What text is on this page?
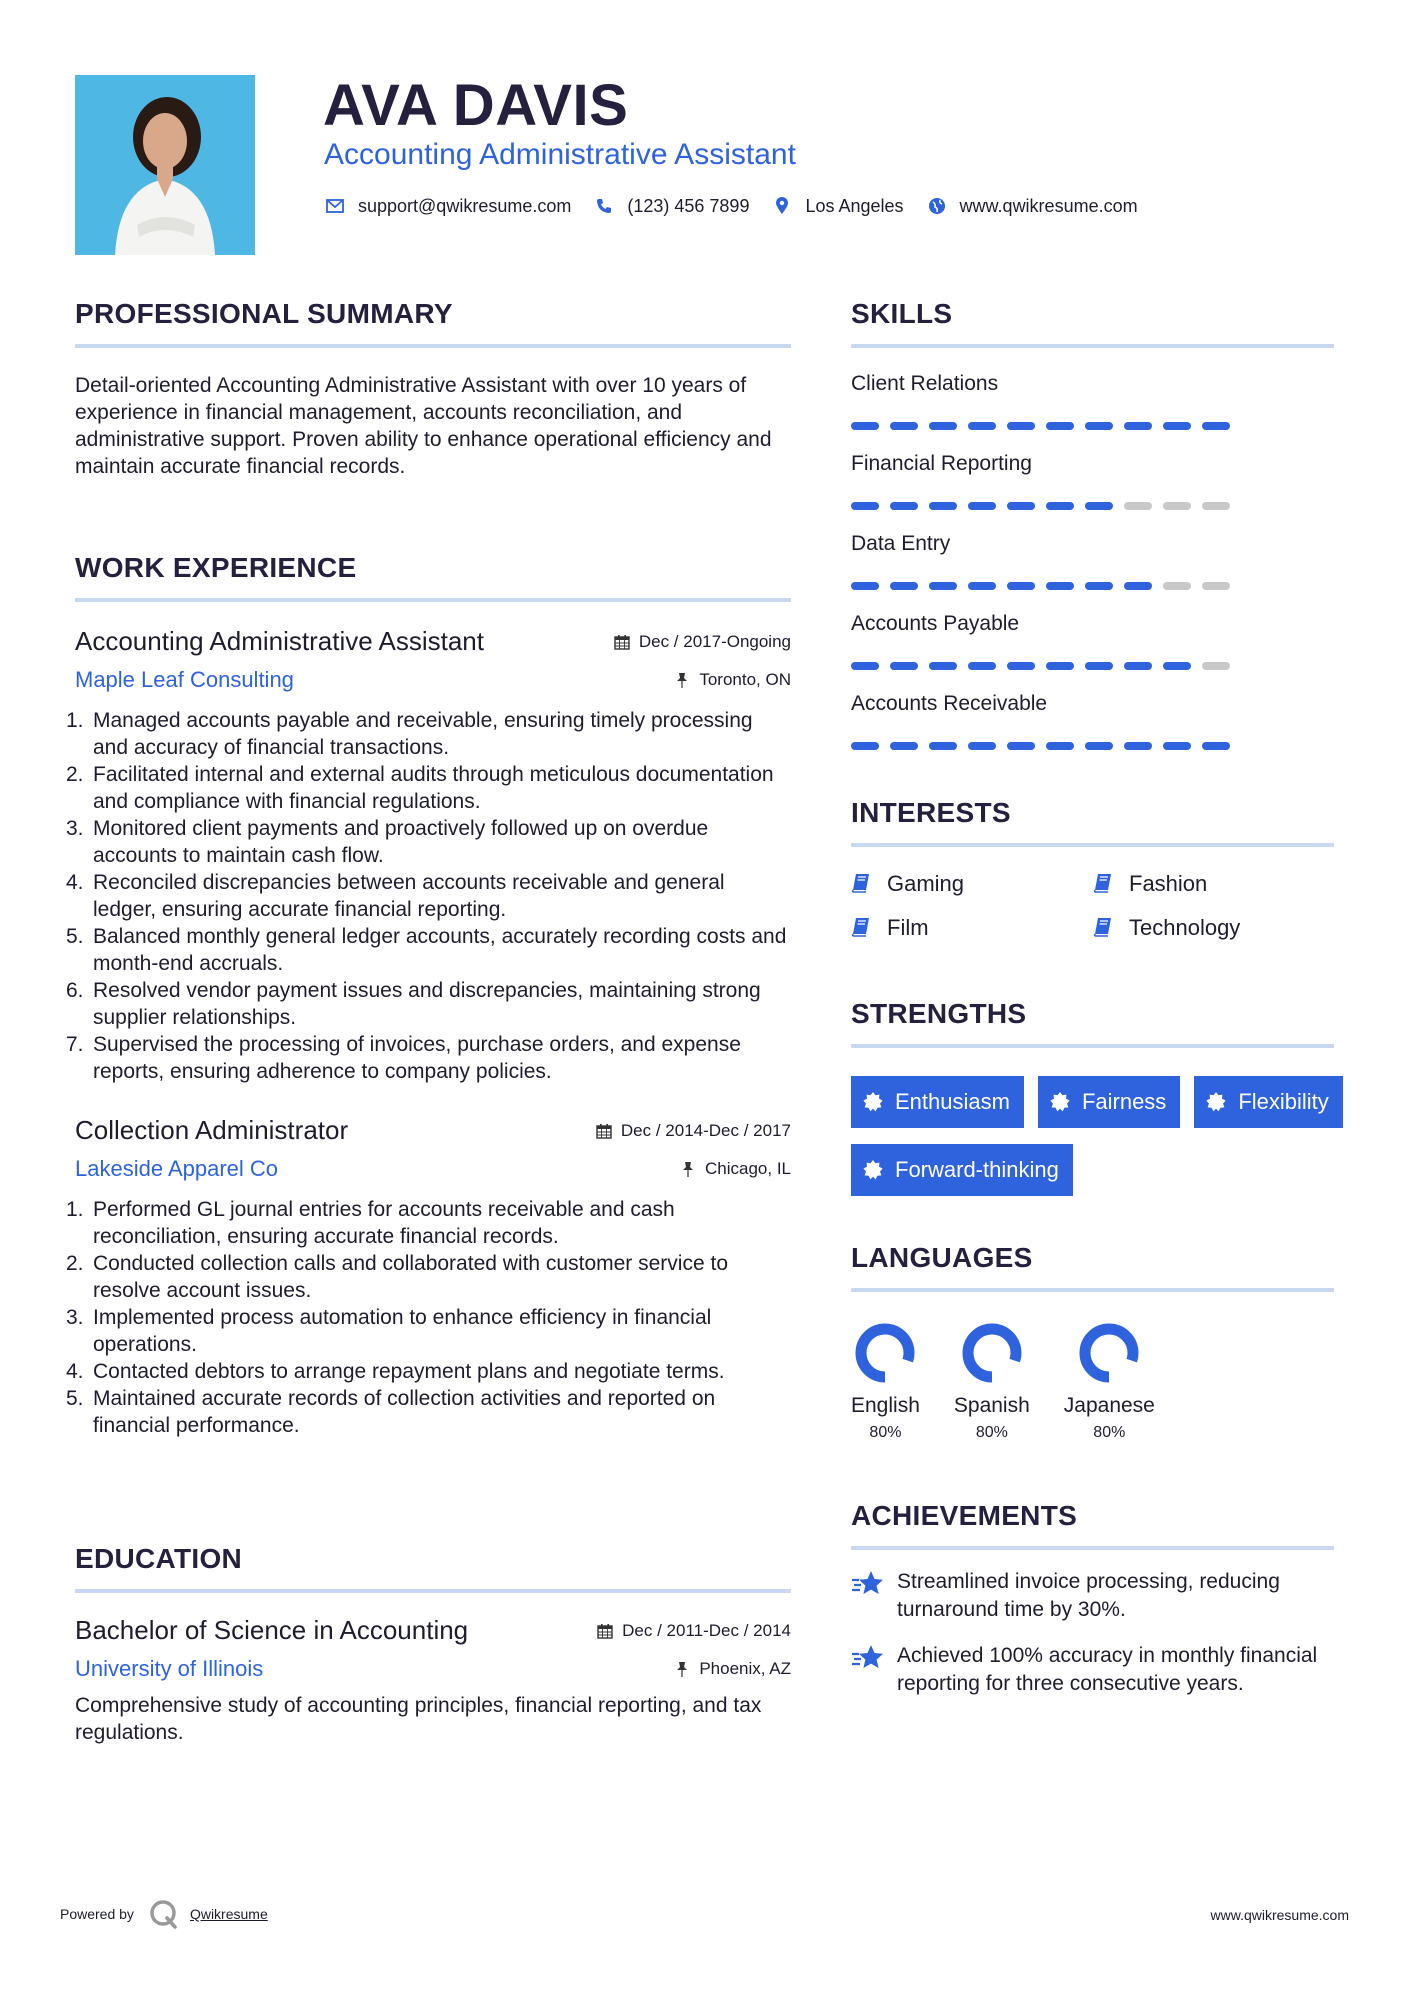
AVA DAVIS
Accounting Administrative Assistant
support@qwikresume.com	(123) 456 7899	Los Angeles	www.qwikresume.com
PROFESSIONAL SUMMARY
Detail-oriented Accounting Administrative Assistant with over 10 years of experience in financial management, accounts reconciliation, and administrative support. Proven ability to enhance operational efficiency and maintain accurate financial records.
WORK EXPERIENCE
Accounting Administrative Assistant	Dec / 2017-Ongoing
Maple Leaf Consulting	Toronto, ON
1. Managed accounts payable and receivable, ensuring timely processing and accuracy of financial transactions.
2. Facilitated internal and external audits through meticulous documentation and compliance with financial regulations.
3. Monitored client payments and proactively followed up on overdue accounts to maintain cash flow.
4. Reconciled discrepancies between accounts receivable and general ledger, ensuring accurate financial reporting.
5. Balanced monthly general ledger accounts, accurately recording costs and month-end accruals.
6. Resolved vendor payment issues and discrepancies, maintaining strong supplier relationships.
7. Supervised the processing of invoices, purchase orders, and expense reports, ensuring adherence to company policies.
Collection Administrator	Dec / 2014-Dec / 2017
Lakeside Apparel Co	Chicago, IL
1. Performed GL journal entries for accounts receivable and cash reconciliation, ensuring accurate financial records.
2. Conducted collection calls and collaborated with customer service to resolve account issues.
3. Implemented process automation to enhance efficiency in financial operations.
4. Contacted debtors to arrange repayment plans and negotiate terms.
5. Maintained accurate records of collection activities and reported on financial performance.
EDUCATION
Bachelor of Science in Accounting	Dec / 2011-Dec / 2014
University of Illinois	Phoenix, AZ
Comprehensive study of accounting principles, financial reporting, and tax regulations.
SKILLS
Client Relations
Financial Reporting
Data Entry
Accounts Payable
Accounts Receivable
INTERESTS
Gaming	Fashion
Film	Technology
STRENGTHS
Enthusiasm	Fairness	Flexibility
Forward-thinking
LANGUAGES
English
80%
Spanish
80%
Japanese
80%
ACHIEVEMENTS
Streamlined invoice processing, reducing turnaround time by 30%.
Achieved 100% accuracy in monthly financial reporting for three consecutive years.
Powered by	Qwikresume	www.qwikresume.com
